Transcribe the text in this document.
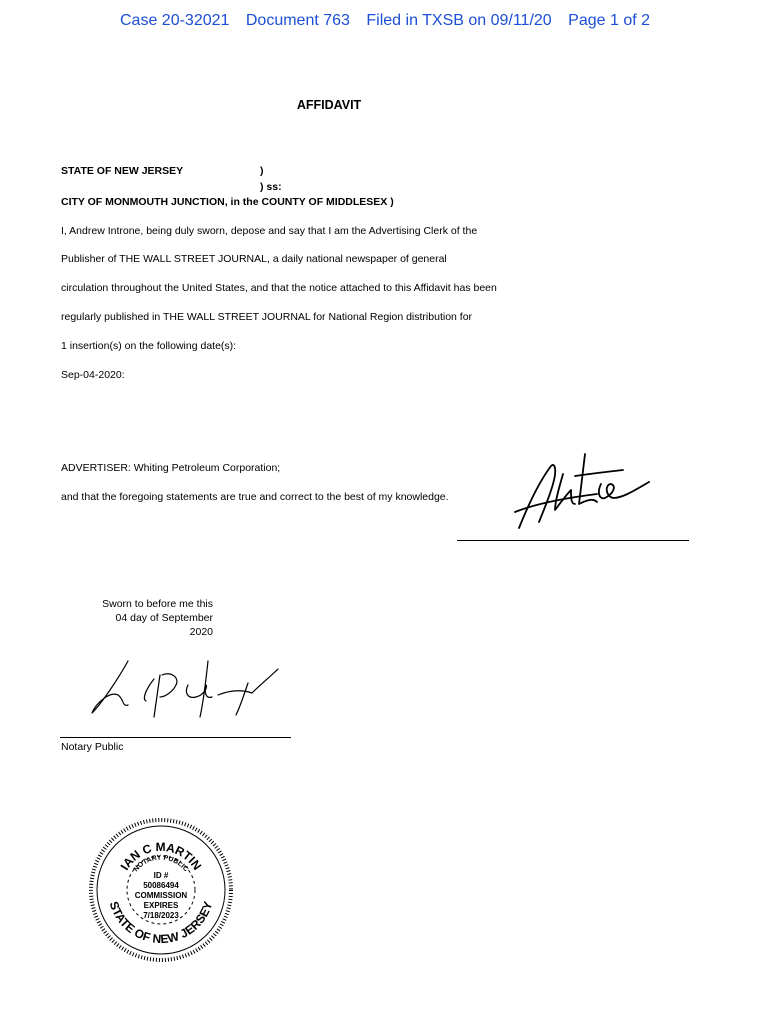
Case 20-32021 Document 763 Filed in TXSB on 09/11/20 Page 1 of 2
AFFIDAVIT
STATE OF NEW JERSEY	)
) ss:
CITY OF MONMOUTH JUNCTION, in the COUNTY OF MIDDLESEX )
I, Andrew Introne, being duly sworn, depose and say that I am the Advertising Clerk of the
Publisher of THE WALL STREET JOURNAL, a daily national newspaper of general
circulation throughout the United States, and that the notice attached to this Affidavit has been
regularly published in THE WALL STREET JOURNAL for National Region distribution for
1 insertion(s) on the following date(s):
Sep-04-2020:
ADVERTISER: Whiting Petroleum Corporation;
and that the foregoing statements are true and correct to the best of my knowledge.
Sworn to before me this
04 day of September
2020
Notary Public
IAN C MARTIN
NOTARY PUBLIC
STATE OF NEW JERSEY
ID #
50086494
COMMISSION
EXPIRES
7/18/2023
